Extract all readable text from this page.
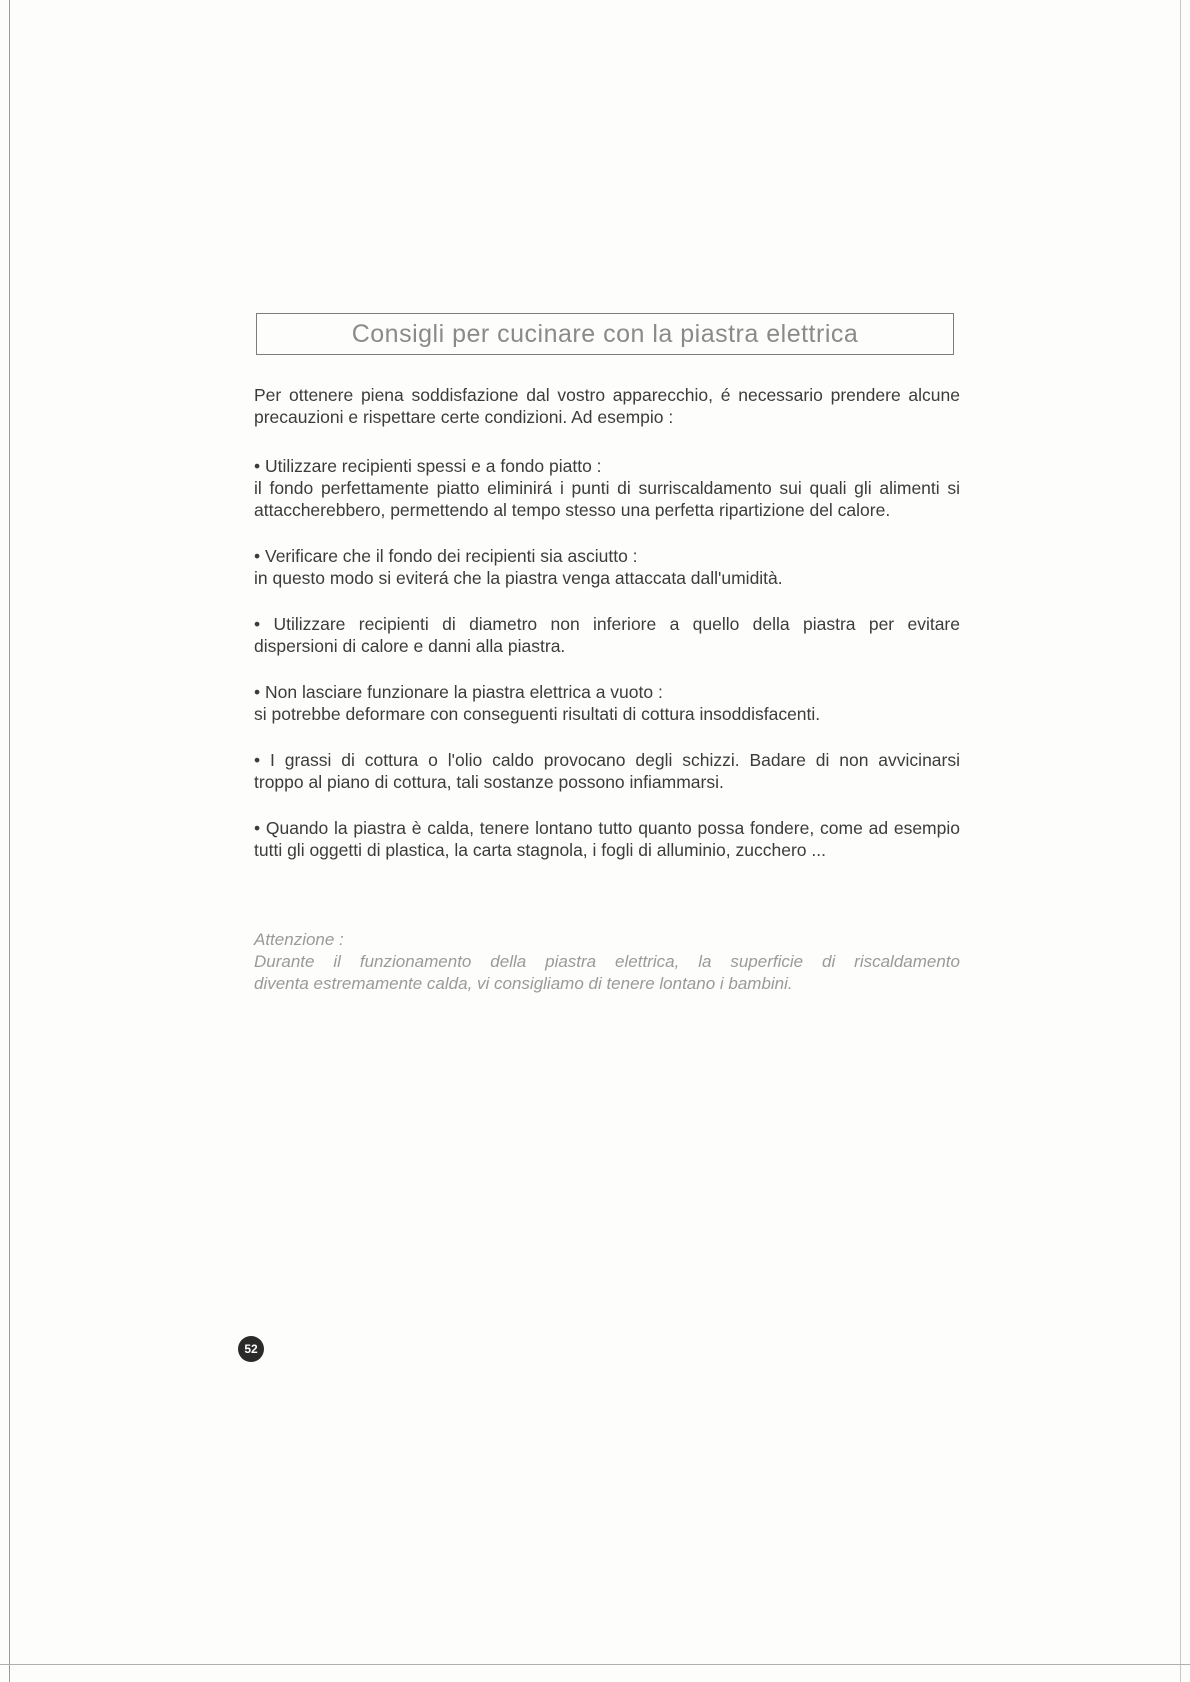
Consigli per cucinare con la piastra elettrica
Per ottenere piena soddisfazione dal vostro apparecchio, é necessario prendere alcune
precauzioni e rispettare certe condizioni. Ad esempio :
• Utilizzare recipienti spessi e a fondo piatto :
il fondo perfettamente piatto eliminirá i punti di surriscaldamento sui quali gli alimenti si
attaccherebbero, permettendo al tempo stesso una perfetta ripartizione del calore.
• Verificare che il fondo dei recipienti sia asciutto :
in questo modo si eviterá che la piastra venga attaccata dall'umidità.
• Utilizzare recipienti di diametro non inferiore a quello della piastra per evitare
dispersioni di calore e danni alla piastra.
• Non lasciare funzionare la piastra elettrica a vuoto :
si potrebbe deformare con conseguenti risultati di cottura insoddisfacenti.
• I grassi di cottura o l'olio caldo provocano degli schizzi. Badare di non avvicinarsi
troppo al piano di cottura, tali sostanze possono infiammarsi.
• Quando la piastra è calda, tenere lontano tutto quanto possa fondere, come ad esempio
tutti gli oggetti di plastica, la carta stagnola, i fogli di alluminio, zucchero ...
Attenzione :
Durante il funzionamento della piastra elettrica, la superficie di riscaldamento
diventa estremamente calda, vi consigliamo di tenere lontano i bambini.
52
